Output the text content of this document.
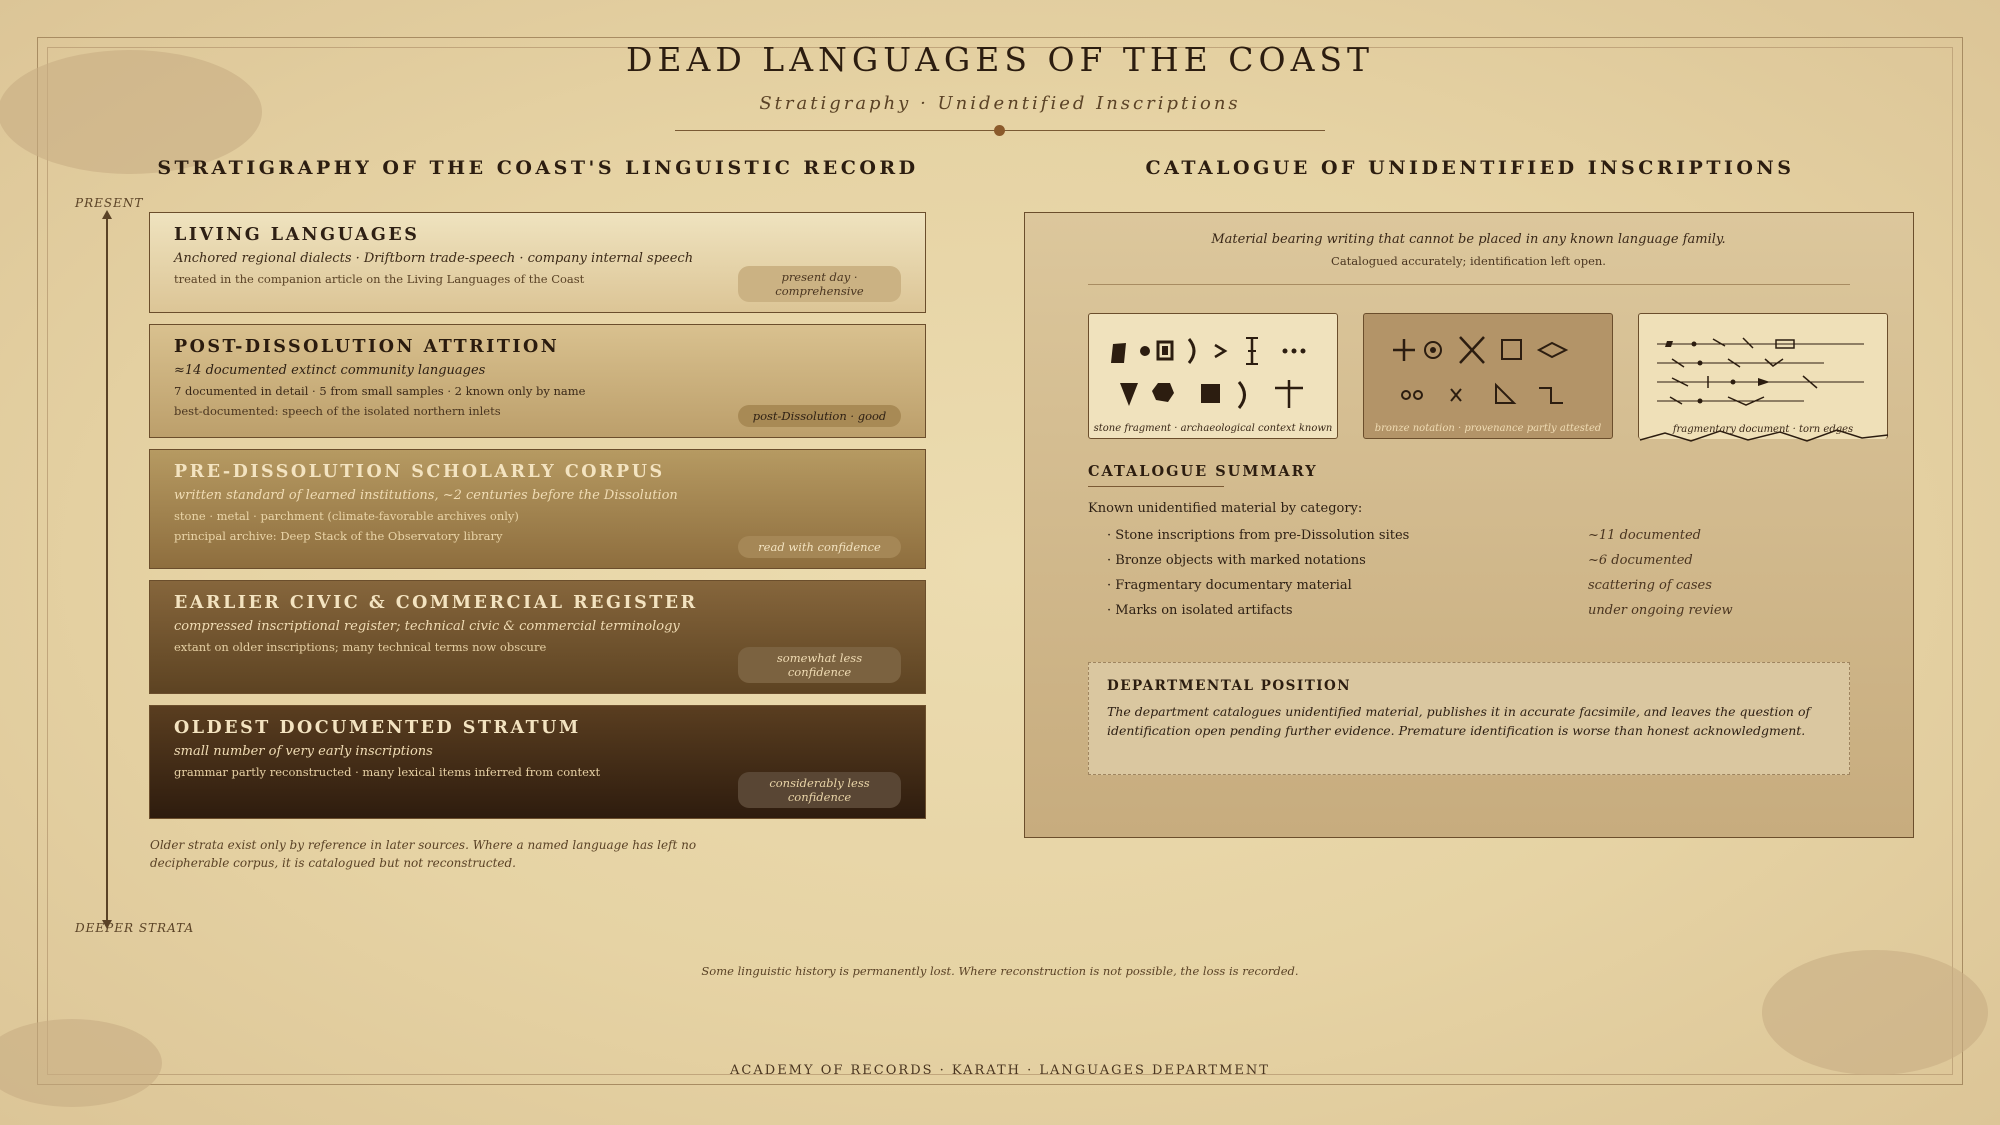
DEAD LANGUAGES OF THE COAST
Stratigraphy · Unidentified Inscriptions
STRATIGRAPHY OF THE COAST'S LINGUISTIC RECORD
PRESENT
DEEPER STRATA
LIVING LANGUAGES
Anchored regional dialects · Driftborn trade-speech · company internal speech
treated in the companion article on the Living Languages of the Coast	present day · comprehensive
POST-DISSOLUTION ATTRITION
≈14 documented extinct community languages
7 documented in detail · 5 from small samples · 2 known only by name
best-documented: speech of the isolated northern inlets	post-Dissolution · good
PRE-DISSOLUTION SCHOLARLY CORPUS
written standard of learned institutions, ~2 centuries before the Dissolution
stone · metal · parchment (climate-favorable archives only)
principal archive: Deep Stack of the Observatory library
read with confidence
EARLIER CIVIC & COMMERCIAL REGISTER
compressed inscriptional register; technical civic & commercial terminology
extant on older inscriptions; many technical terms now obscure
somewhat less confidence
OLDEST DOCUMENTED STRATUM
small number of very early inscriptions
grammar partly reconstructed · many lexical items inferred from context
considerably less confidence
Older strata exist only by reference in later sources. Where a named language has left no decipherable corpus, it is catalogued but not reconstructed.
CATALOGUE OF UNIDENTIFIED INSCRIPTIONS
Material bearing writing that cannot be placed in any known language family.
Catalogued accurately; identification left open.
stone fragment · archaeological context known	bronze notation · provenance partly attested	fragmentary document · torn edges
CATALOGUE SUMMARY
Known unidentified material by category:
· Stone inscriptions from pre-Dissolution sites	~11 documented
· Bronze objects with marked notations	~6 documented
· Fragmentary documentary material	scattering of cases
· Marks on isolated artifacts	under ongoing review
DEPARTMENTAL POSITION

The department catalogues unidentified material, publishes it in accurate facsimile, and leaves the question of identification open pending further evidence. Premature identification is worse than honest acknowledgment.

Some linguistic history is permanently lost. Where reconstruction is not possible, the loss is recorded.
ACADEMY OF RECORDS · KARATH · LANGUAGES DEPARTMENT
